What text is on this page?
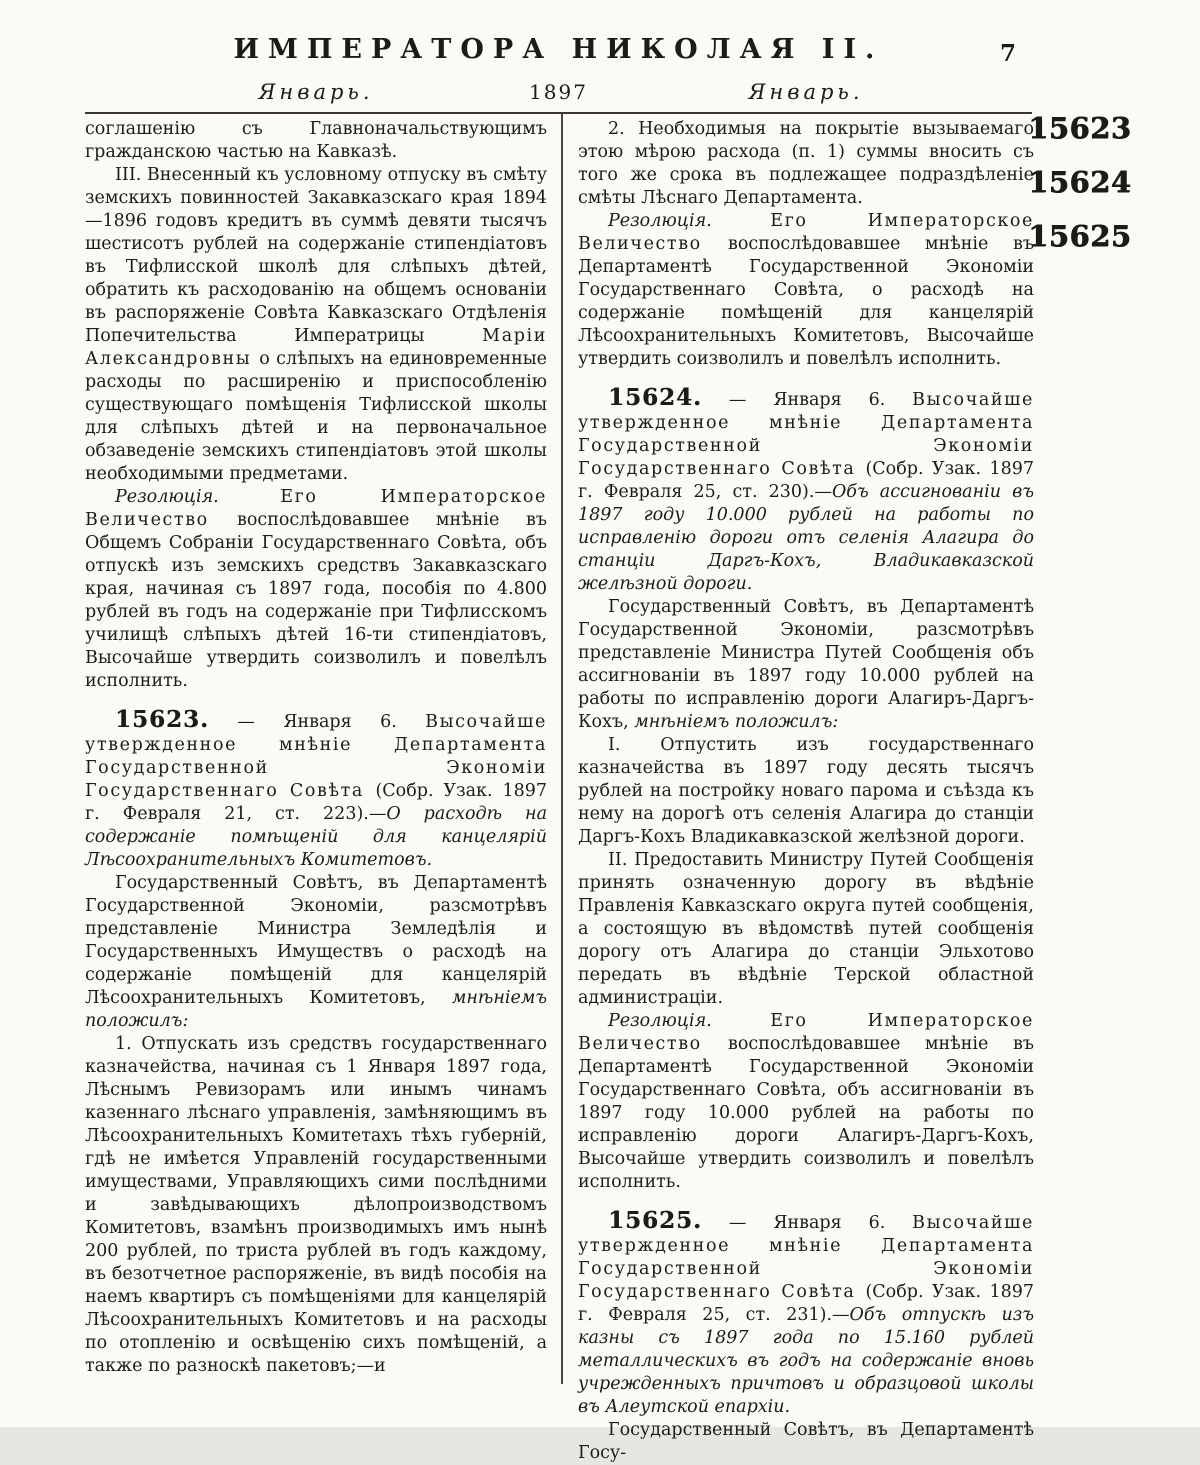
ИМПЕРАТОРА НИКОЛАЯ II.	7
Январь.	1897	Январь.

соглашенію съ Главноначальствующимъ гражданскою частью на Кавказѣ.

III. Внесенный къ условному отпуску въ смѣту земскихъ повинностей Закавказскаго края 1894—1896 годовъ кредитъ въ суммѣ девяти тысячъ шестисотъ рублей на содержаніе стипендіатовъ въ Тифлисской школѣ для слѣпыхъ дѣтей, обратить къ расходованію на общемъ основаніи въ распоряженіе Совѣта Кавказскаго Отдѣленія Попечительства Императрицы Маріи Александровны о слѣпыхъ на единовременные расходы по расширенію и приспособленію существующаго помѣщенія Тифлисской школы для слѣпыхъ дѣтей и на первоначальное обзаведеніе земскихъ стипендіатовъ этой школы необходимыми предметами.

Резолюція. Его Императорское Величество воспослѣдовавшее мнѣніе въ Общемъ Собраніи Государственнаго Совѣта, объ отпускѣ изъ земскихъ средствъ Закавказскаго края, начиная съ 1897 года, пособія по 4.800 рублей въ годъ на содержаніе при Тифлисскомъ училищѣ слѣпыхъ дѣтей 16-ти стипендіатовъ, Высочайше утвердить соизволилъ и повелѣлъ исполнить.

15623. — Января 6. Высочайше утвержденное мнѣніе Департамента Государственной Экономіи Государственнаго Совѣта (Собр. Узак. 1897 г. Февраля 21, ст. 223).—О расходѣ на содержаніе помѣщеній для канцелярій Лѣсоохранительныхъ Комитетовъ.

Государственный Совѣтъ, въ Департаментѣ Государственной Экономіи, разсмотрѣвъ представленіе Министра Земледѣлія и Государственныхъ Имуществъ о расходѣ на содержаніе помѣщеній для канцелярій Лѣсоохранительныхъ Комитетовъ, мнѣніемъ положилъ:

1. Отпускать изъ средствъ государственнаго казначейства, начиная съ 1 Января 1897 года, Лѣснымъ Ревизорамъ или инымъ чинамъ казеннаго лѣснаго управленія, замѣняющимъ въ Лѣсоохранительныхъ Комитетахъ тѣхъ губерній, гдѣ не имѣется Управленій государственными имуществами, Управляющихъ сими послѣдними и завѣдывающихъ дѣлопроизводствомъ Комитетовъ, взамѣнъ производимыхъ имъ нынѣ 200 рублей, по триста рублей въ годъ каждому, въ безотчетное распоряженіе, въ видѣ пособія на наемъ квартиръ съ помѣщеніями для канцелярій Лѣсоохранительныхъ Комитетовъ и на расходы по отопленію и освѣщенію сихъ помѣщеній, а также по разноскѣ пакетовъ;—и

2. Необходимыя на покрытіе вызываемаго этою мѣрою расхода (п. 1) суммы вносить съ того же срока въ подлежащее подраздѣленіе смѣты Лѣснаго Департамента.

Резолюція. Его Императорское Величество воспослѣдовавшее мнѣніе въ Департаментѣ Государственной Экономіи Государственнаго Совѣта, о расходѣ на содержаніе помѣщеній для канцелярій Лѣсоохранительныхъ Комитетовъ, Высочайше утвердить соизволилъ и повелѣлъ исполнить.

15624. — Января 6. Высочайше утвержденное мнѣніе Департамента Государственной Экономіи Государственнаго Совѣта (Собр. Узак. 1897 г. Февраля 25, ст. 230).—Объ ассигнованіи въ 1897 году 10.000 рублей на работы по исправленію дороги отъ селенія Алагира до станціи Даргъ-Кохъ, Владикавказской желѣзной дороги.

Государственный Совѣтъ, въ Департаментѣ Государственной Экономіи, разсмотрѣвъ представленіе Министра Путей Сообщенія объ ассигнованіи въ 1897 году 10.000 рублей на работы по исправленію дороги Алагиръ-Даргъ-Кохъ, мнѣніемъ положилъ:

I. Отпустить изъ государственнаго казначейства въ 1897 году десять тысячъ рублей на постройку новаго парома и съѣзда къ нему на дорогѣ отъ селенія Алагира до станціи Даргъ-Кохъ Владикавказской желѣзной дороги.

II. Предоставить Министру Путей Сообщенія принять означенную дорогу въ вѣдѣніе Правленія Кавказскаго округа путей сообщенія, а состоящую въ вѣдомствѣ путей сообщенія дорогу отъ Алагира до станціи Эльхотово передать въ вѣдѣніе Терской областной администраціи.

Резолюція. Его Императорское Величество воспослѣдовавшее мнѣніе въ Департаментѣ Государственной Экономіи Государственнаго Совѣта, объ ассигнованіи въ 1897 году 10.000 рублей на работы по исправленію дороги Алагиръ-Даргъ-Кохъ, Высочайше утвердить соизволилъ и повелѣлъ исполнить.

15625. — Января 6. Высочайше утвержденное мнѣніе Департамента Государственной Экономіи Государственнаго Совѣта (Собр. Узак. 1897 г. Февраля 25, ст. 231).—Объ отпускѣ изъ казны съ 1897 года по 15.160 рублей металлическихъ въ годъ на содержаніе вновь учрежденныхъ причтовъ и образцовой школы въ Алеутской епархіи.

Государственный Совѣтъ, въ Департаментѣ Госу-

15623
15624
15625
